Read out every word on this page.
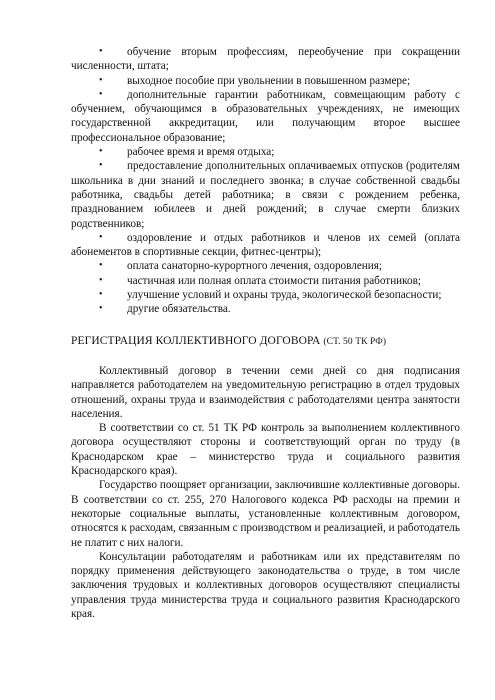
• обучение вторым профессиям, переобучение при сокращении численности, штата;
• выходное пособие при увольнении в повышенном размере;
• дополнительные гарантии работникам, совмещающим работу с обучением, обучающимся в образовательных учреждениях, не имеющих государственной аккредитации, или получающим второе высшее профессиональное образование;
• рабочее время и время отдыха;
• предоставление дополнительных оплачиваемых отпусков (родителям школьника в дни знаний и последнего звонка; в случае собственной свадьбы работника, свадьбы детей работника; в связи с рождением ребенка, празднованием юбилеев и дней рождений; в случае смерти близких родственников;
• оздоровление и отдых работников и членов их семей (оплата абонементов в спортивные секции, фитнес-центры);
• оплата санаторно-курортного лечения, оздоровления;
• частичная или полная оплата стоимости питания работников;
• улучшение условий и охраны труда, экологической безопасности;
• другие обязательства.
РЕГИСТРАЦИЯ КОЛЛЕКТИВНОГО ДОГОВОРА (СТ. 50 ТК РФ)

Коллективный договор в течении семи дней со дня подписания направляется работодателем на уведомительную регистрацию в отдел трудовых отношений, охраны труда и взаимодействия с работодателями центра занятости населения.

В соответствии со ст. 51 ТК РФ контроль за выполнением коллективного договора осуществляют стороны и соответствующий орган по труду (в Краснодарском крае – министерство труда и социального развития Краснодарского края).

Государство поощряет организации, заключившие коллективные договоры. В соответствии со ст. 255, 270 Налогового кодекса РФ расходы на премии и некоторые социальные выплаты, установленные коллективным договором, относятся к расходам, связанным с производством и реализацией, и работодатель не платит с них налоги.

Консультации работодателям и работникам или их представителям по порядку применения действующего законодательства о труде, в том числе заключения трудовых и коллективных договоров осуществляют специалисты управления труда министерства труда и социального развития Краснодарского края.
